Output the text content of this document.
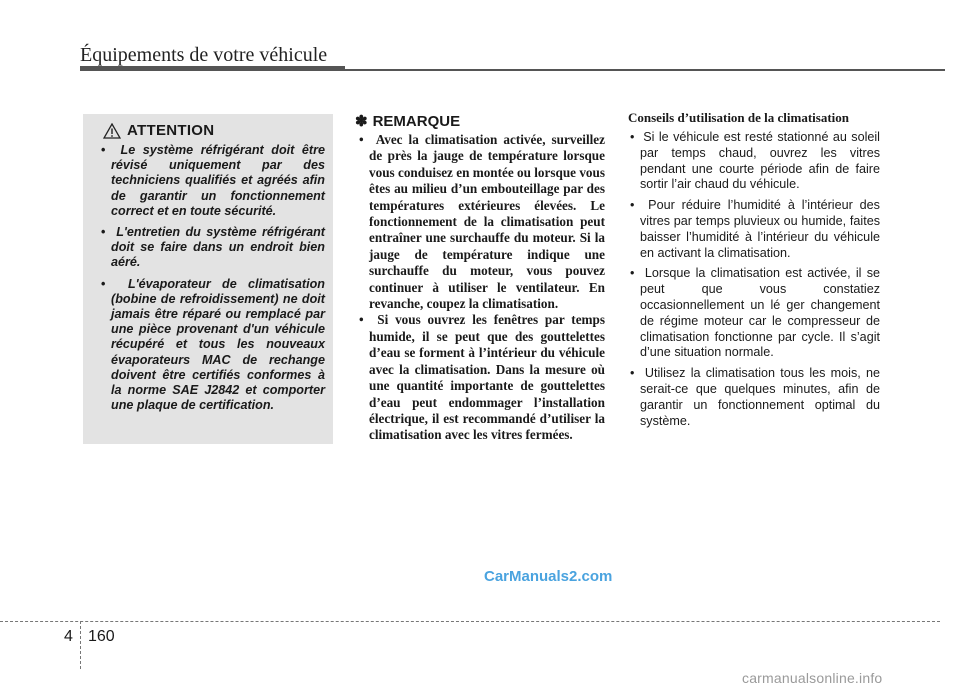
Équipements de votre véhicule
ATTENTION
•  Le système réfrigérant doit être révisé uniquement par des techniciens qualifiés et agréés afin de garantir un fonctionnement correct et en toute sécurité.
•  L'entretien du système réfrigérant doit se faire dans un endroit bien aéré.
•  L'évaporateur de climatisation (bobine de refroidissement) ne doit jamais être réparé ou remplacé par une pièce provenant d'un véhicule récupéré et tous les nouveaux évaporateurs MAC de rechange doivent être certifiés conformes à la norme SAE J2842 et comporter une plaque de certification.
✽ REMARQUE
•  Avec la climatisation activée, surveillez de près la jauge de température lorsque vous conduisez en montée ou lorsque vous êtes au milieu d’un embouteillage par des températures extérieures élevées. Le fonctionnement de la climatisation peut entraîner une surchauffe du moteur. Si la jauge de température indique une surchauffe du moteur, vous pouvez continuer à utiliser le ventilateur. En revanche, coupez la climatisation.
•  Si vous ouvrez les fenêtres par temps humide, il se peut que des gouttelettes d’eau se forment à l’intérieur du véhicule avec la climatisation. Dans la mesure où une quantité importante de gouttelettes d’eau peut endommager l’installation électrique, il est recommandé d’utiliser la climatisation avec les vitres fermées.
Conseils d’utilisation de la climatisation
•  Si le véhicule est resté stationné au soleil par temps chaud, ouvrez les vitres pendant une courte période afin de faire sortir l’air chaud du véhicule.
•  Pour réduire l’humidité à l’intérieur des vitres par temps pluvieux ou humide, faites baisser l’humidité à l’intérieur du véhicule en activant la climatisation.
•  Lorsque la climatisation est activée, il se peut que vous constatiez occasionnellement un lé ger changement de régime moteur car le compresseur de climatisation fonctionne par cycle. Il s’agit d’une situation normale.
•  Utilisez la climatisation tous les mois, ne serait-ce que quelques minutes, afin de garantir un fonctionnement optimal du système.
CarManuals2.com
4 160
carmanualsonline.info
